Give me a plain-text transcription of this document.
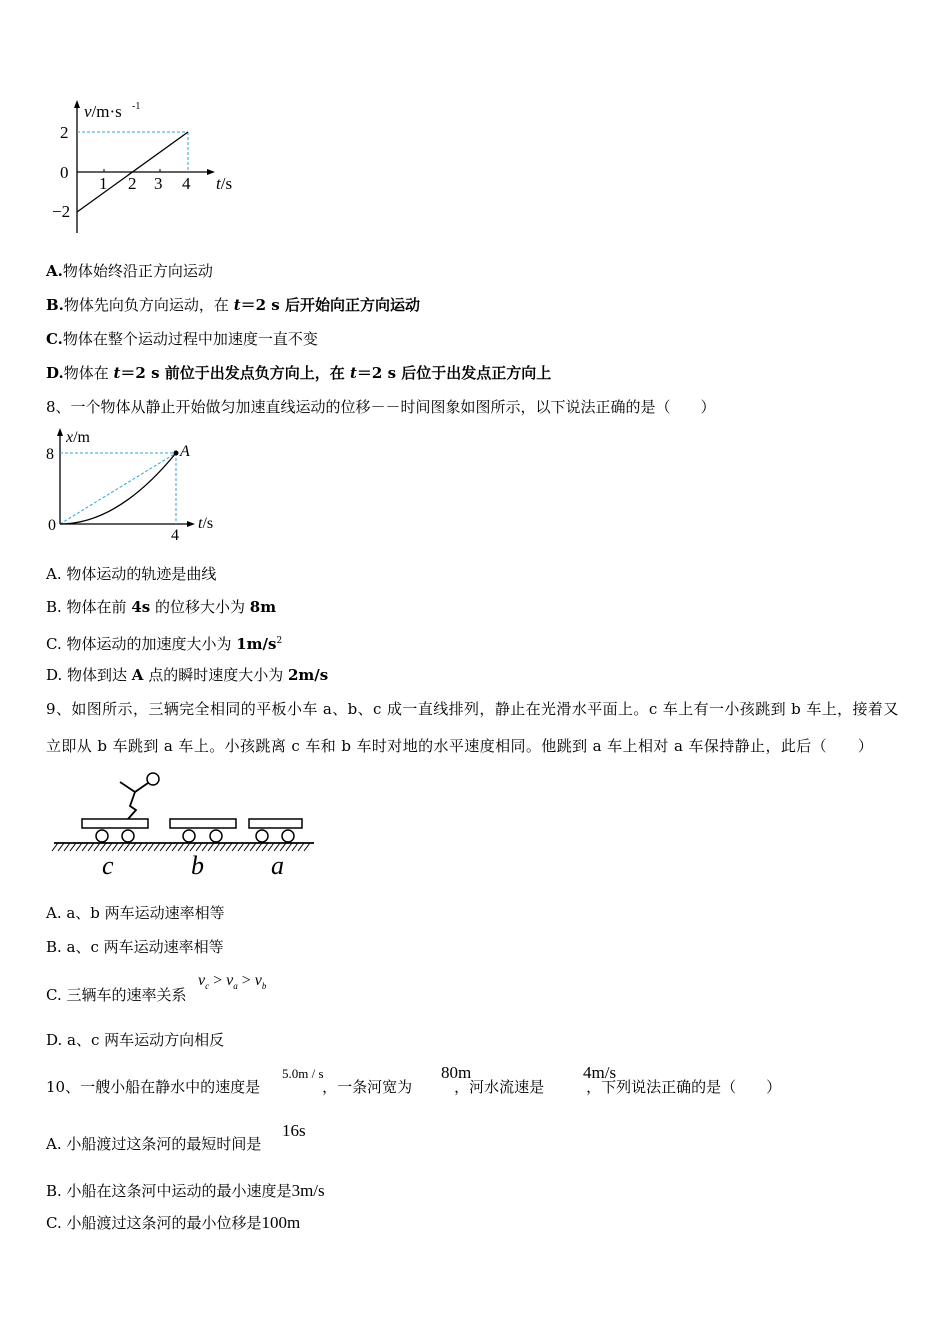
v/m·s -1
2
0
−2
1 2 3 4 t/s
A.物体始终沿正方向运动
B.物体先向负方向运动，在 t＝2 s 后开始向正方向运动
C.物体在整个运动过程中加速度一直不变
D.物体在 t＝2 s 前位于出发点负方向上，在 t＝2 s 后位于出发点正方向上
8、一个物体从静止开始做匀加速直线运动的位移－－时间图象如图所示，以下说法正确的是（　　）
x/m
8
0
4
A
t/s
A. 物体运动的轨迹是曲线
B. 物体在前 4s 的位移大小为 8m
C. 物体运动的加速度大小为 $1m/s^2$
D. 物体到达 A 点的瞬时速度大小为 2m/s
9、如图所示，三辆完全相同的平板小车 a、b、c 成一直线排列，静止在光滑水平面上。c 车上有一小孩跳到 b 车上，接着又
立即从 b 车跳到 a 车上。小孩跳离 c 车和 b 车时对地的水平速度相同。他跳到 a 车上相对 a 车保持静止，此后（　　）
c	b	a
A. a、b 两车运动速率相等
B. a、c 两车运动速率相等
C. 三辆车的速率关系
$v_c > v_a > v_b$
D. a、c 两车运动方向相反
10、一艘小船在静水中的速度是	，一条河宽为	，河水流速是	，下列说法正确的是（　　）
5.0m / s	80m	4m/s
A. 小船渡过这条河的最短时间是
16s
B. 小船在这条河中运动的最小速度是3m/s
C. 小船渡过这条河的最小位移是100m
